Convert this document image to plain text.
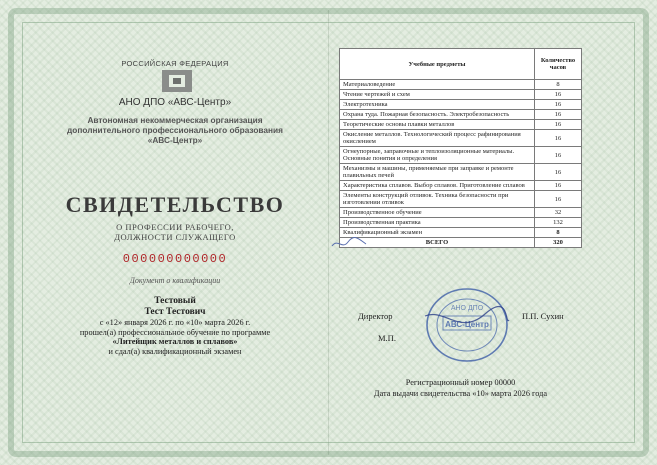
РОССИЙСКАЯ ФЕДЕРАЦИЯ
АНО ДПО «АВС-Центр»
Автономная некоммерческая организация
дополнительного профессионального образования
«АВС-Центр»
СВИДЕТЕЛЬСТВО
О ПРОФЕССИИ РАБОЧЕГО,
ДОЛЖНОСТИ СЛУЖАЩЕГО
000000000000
Документ о квалификации
Тестовый
Тест Тестович
с «12» января 2026 г. по «10» марта 2026 г.
прошел(а) профессиональное обучение по программе
«Литейщик металлов и сплавов»
и сдал(а) квалификационный экзамен
Учебные предметы	Количество часов
Материаловедение	8
Чтение чертежей и схем	16
Электротехника	16
Охрана туда. Пожарная безопасность. Электробезопасность	16
Теоретические основы плавки металлов	16
Окисление металлов. Технологический процесс рафинирования окислением	16
Огнеупорные, заправочные и теплоизоляционные материалы. Основные понятия и определения	16
Механизмы и машины, применяемые при заправке и ремонте плавильных печей	16
Характеристика сплавов. Выбор сплавов. Приготовление сплавов	16
Элементы конструкций отливок. Техника безопасности при изготовлении отливок	16
Производственное обучение	32
Производственная практика	132
Квалификационный экзамен	8
ВСЕГО	320
Директор	П.П. Сухин
М.П.
АВС-Центр
АНО ДПО
Регистрационный номер 00000
Дата выдачи свидетельства «10» марта 2026 года
